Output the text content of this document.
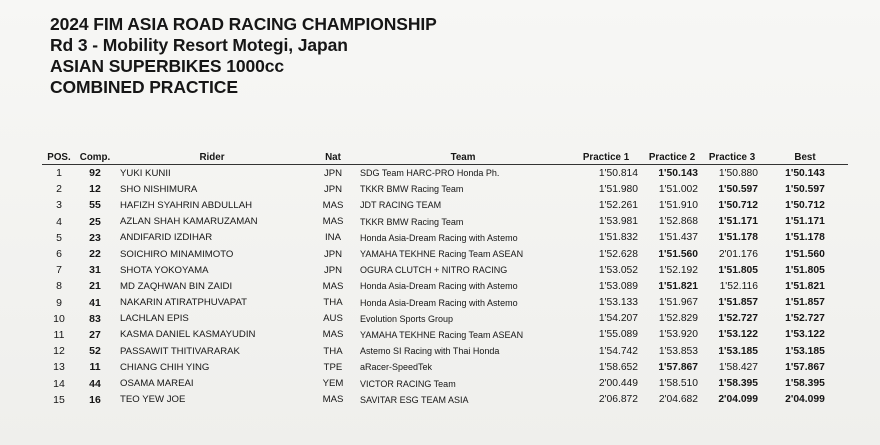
2024 FIM ASIA ROAD RACING CHAMPIONSHIP
Rd 3 - Mobility Resort Motegi, Japan
ASIAN SUPERBIKES 1000cc
COMBINED PRACTICE
POS.	Comp.	Rider	Nat	Team	Practice 1	Practice 2	Practice 3	Best
1	92	YUKI KUNII	JPN	SDG Team HARC-PRO Honda Ph.	1'50.814	1'50.143	1'50.880	1'50.143
2	12	SHO NISHIMURA	JPN	TKKR BMW Racing Team	1'51.980	1'51.002	1'50.597	1'50.597
3	55	HAFIZH SYAHRIN ABDULLAH	MAS	JDT RACING TEAM	1'52.261	1'51.910	1'50.712	1'50.712
4	25	AZLAN SHAH KAMARUZAMAN	MAS	TKKR BMW Racing Team	1'53.981	1'52.868	1'51.171	1'51.171
5	23	ANDIFARID IZDIHAR	INA	Honda Asia-Dream Racing with Astemo	1'51.832	1'51.437	1'51.178	1'51.178
6	22	SOICHIRO MINAMIMOTO	JPN	YAMAHA TEKHNE Racing Team ASEAN	1'52.628	1'51.560	2'01.176	1'51.560
7	31	SHOTA YOKOYAMA	JPN	OGURA CLUTCH + NITRO RACING	1'53.052	1'52.192	1'51.805	1'51.805
8	21	MD ZAQHWAN BIN ZAIDI	MAS	Honda Asia-Dream Racing with Astemo	1'53.089	1'51.821	1'52.116	1'51.821
9	41	NAKARIN ATIRATPHUVAPAT	THA	Honda Asia-Dream Racing with Astemo	1'53.133	1'51.967	1'51.857	1'51.857
10	83	LACHLAN EPIS	AUS	Evolution Sports Group	1'54.207	1'52.829	1'52.727	1'52.727
11	27	KASMA DANIEL KASMAYUDIN	MAS	YAMAHA TEKHNE Racing Team ASEAN	1'55.089	1'53.920	1'53.122	1'53.122
12	52	PASSAWIT THITIVARARAK	THA	Astemo SI Racing with Thai Honda	1'54.742	1'53.853	1'53.185	1'53.185
13	11	CHIANG CHIH YING	TPE	aRacer-SpeedTek	1'58.652	1'57.867	1'58.427	1'57.867
14	44	OSAMA MAREAI	YEM	VICTOR RACING Team	2'00.449	1'58.510	1'58.395	1'58.395
15	16	TEO YEW JOE	MAS	SAVITAR ESG TEAM ASIA	2'06.872	2'04.682	2'04.099	2'04.099
